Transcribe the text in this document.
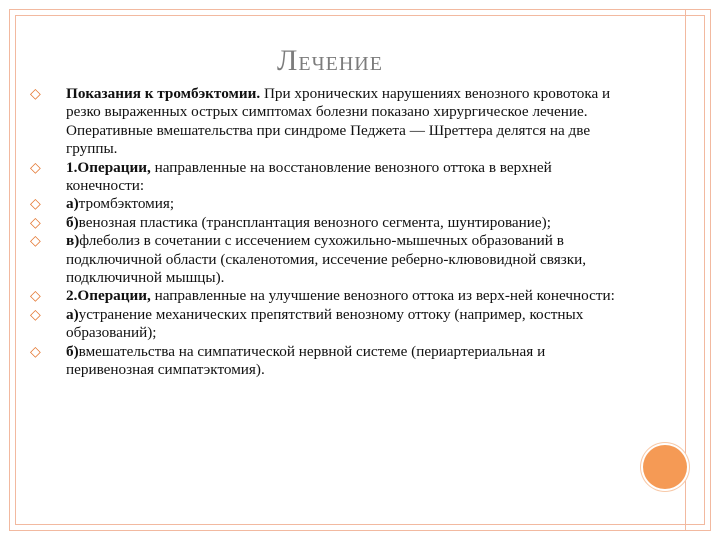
ЛЕЧЕНИЕ
◇ Показания к тромбэктомии. При хронических нарушениях венозного кровотока и резко выраженных острых симптомах болезни показано хирургическое лечение. Оперативные вмешательства при синдроме Педжета — Шреттера делятся на две группы.
◇ 1.Операции, направленные на восстановление венозного оттока в верхней конечности:
◇ а)тромбэктомия;
◇ б)венозная пластика (трансплантация венозного сегмента, шунтирование);
◇ в)флеболиз в сочетании с иссечением сухожильно-мышечных образований в подключичной области (скаленотомия, иссечение реберно-клювовидной связки, подключичной мышцы).
◇ 2.Операции, направленные на улучшение венозного оттока из верх-ней конечности:
◇ а)устранение механических препятствий венозному оттоку (например, костных образований);
◇ б)вмешательства на симпатической нервной системе (периартериальная и перивенозная симпатэктомия).
